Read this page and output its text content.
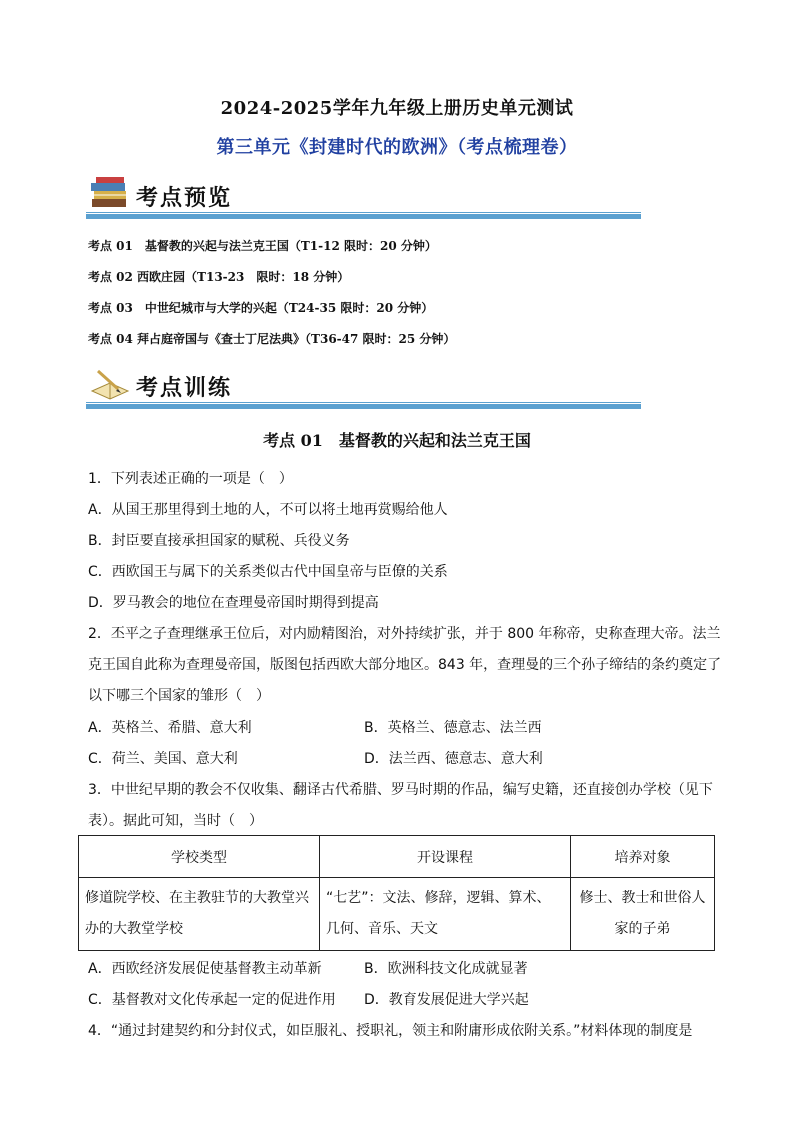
2024-2025学年九年级上册历史单元测试
第三单元《封建时代的欧洲》（考点梳理卷）
考点预览
考点 01　基督教的兴起与法兰克王国（T1-12 限时：20 分钟）
考点 02 西欧庄园（T13-23　限时：18 分钟）
考点 03　中世纪城市与大学的兴起（T24-35 限时：20 分钟）
考点 04 拜占庭帝国与《查士丁尼法典》（T36-47 限时：25 分钟）
考点训练
考点 01　基督教的兴起和法兰克王国
1．下列表述正确的一项是（　）
A．从国王那里得到土地的人，不可以将土地再赏赐给他人
B．封臣要直接承担国家的赋税、兵役义务
C．西欧国王与属下的关系类似古代中国皇帝与臣僚的关系
D．罗马教会的地位在查理曼帝国时期得到提高
2．丕平之子查理继承王位后，对内励精图治，对外持续扩张，并于 800 年称帝，史称查理大帝。法兰
克王国自此称为查理曼帝国，版图包括西欧大部分地区。843 年，查理曼的三个孙子缔结的条约奠定了
以下哪三个国家的雏形（　）
A．英格兰、希腊、意大利	B．英格兰、德意志、法兰西
C．荷兰、美国、意大利	D．法兰西、德意志、意大利
3．中世纪早期的教会不仅收集、翻译古代希腊、罗马时期的作品，编写史籍，还直接创办学校（见下
表）。据此可知，当时（　）
学校类型	开设课程	培养对象
修道院学校、在主教驻节的大教堂兴办的大教堂学校	“七艺”：文法、修辞，逻辑、算术、几何、音乐、天文	修士、教士和世俗人家的子弟
A．西欧经济发展促使基督教主动革新	B．欧洲科技文化成就显著
C．基督教对文化传承起一定的促进作用 D．教育发展促进大学兴起
4．“通过封建契约和分封仪式，如臣服礼、授职礼，领主和附庸形成依附关系。”材料体现的制度是
